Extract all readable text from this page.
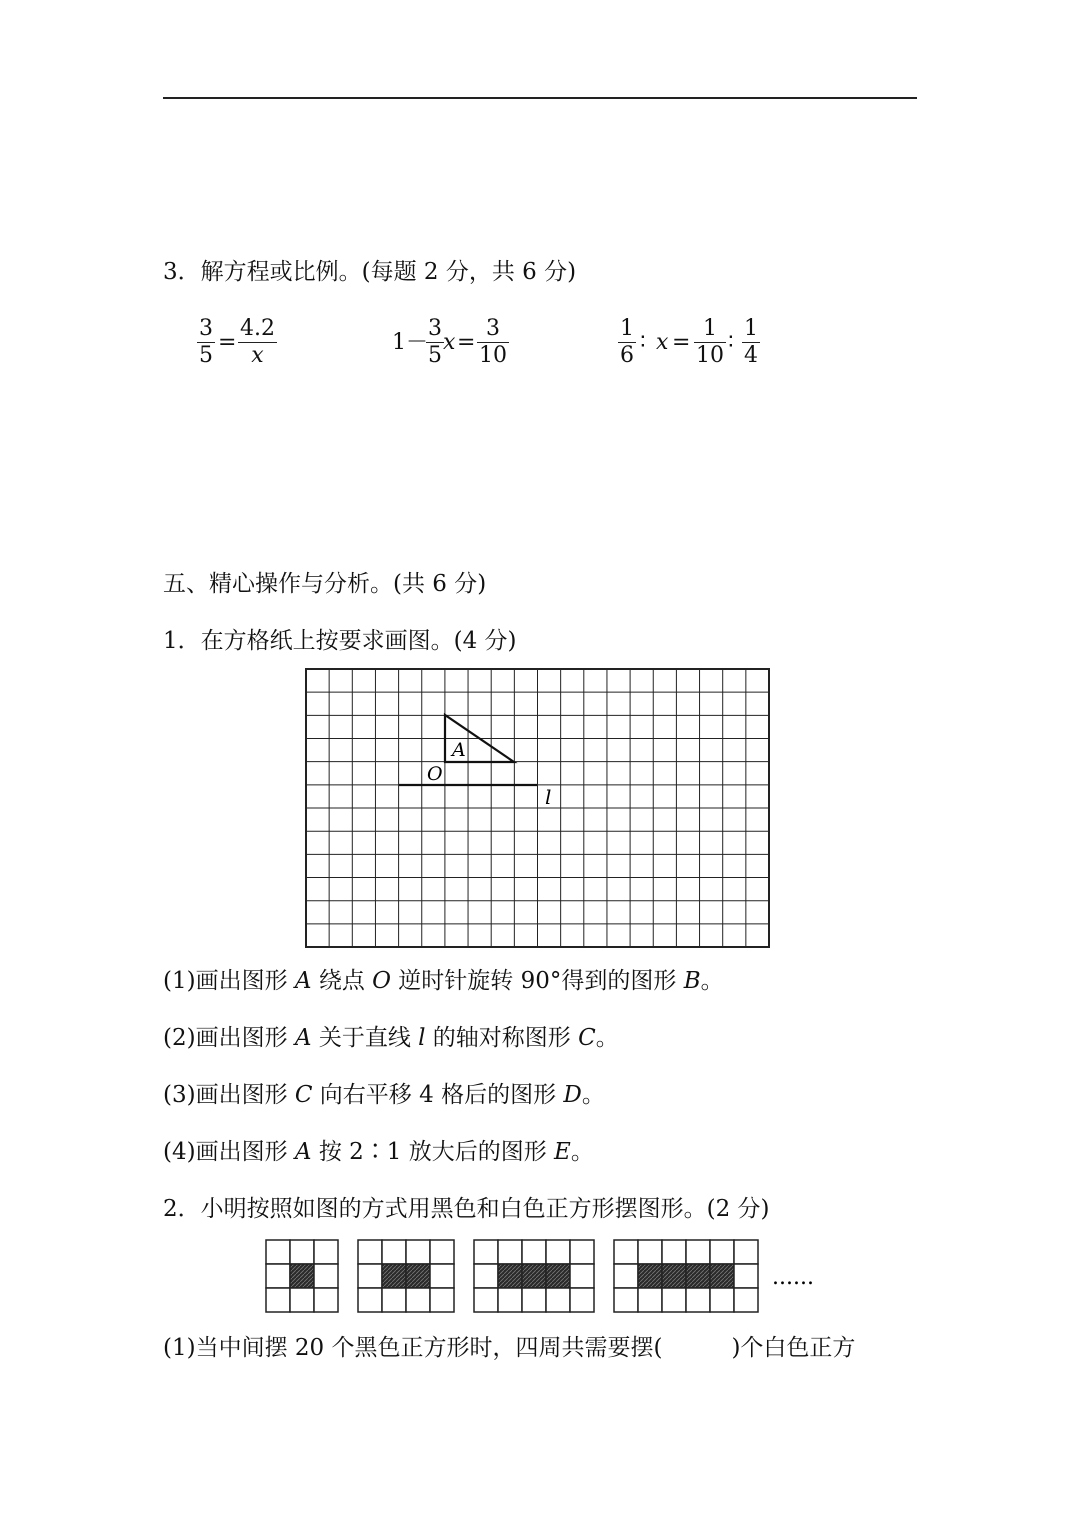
3．解方程或比例。(每题 2 分，共 6 分)
$\frac{3}{5} = \frac{4.2}{x}$	1－
$\frac{3}{5}$ $x = \frac{3}{10}$	$\frac{1}{6}$ ∶ $x = \frac{1}{10}$ ∶ $\frac{1}{4}$
五、精心操作与分析。(共 6 分)
1．在方格纸上按要求画图。(4 分)
A
O
l
(1)画出图形 A 绕点 O 逆时针旋转 90°得到的图形 B。
(2)画出图形 A 关于直线 l 的轴对称图形 C。
(3)画出图形 C 向右平移 4 格后的图形 D。
(4)画出图形 A 按 2∶1 放大后的图形 E。
2．小明按照如图的方式用黑色和白色正方形摆图形。(2 分)
......
(1)当中间摆 20 个黑色正方形时，四周共需要摆(　　　)个白色正方
